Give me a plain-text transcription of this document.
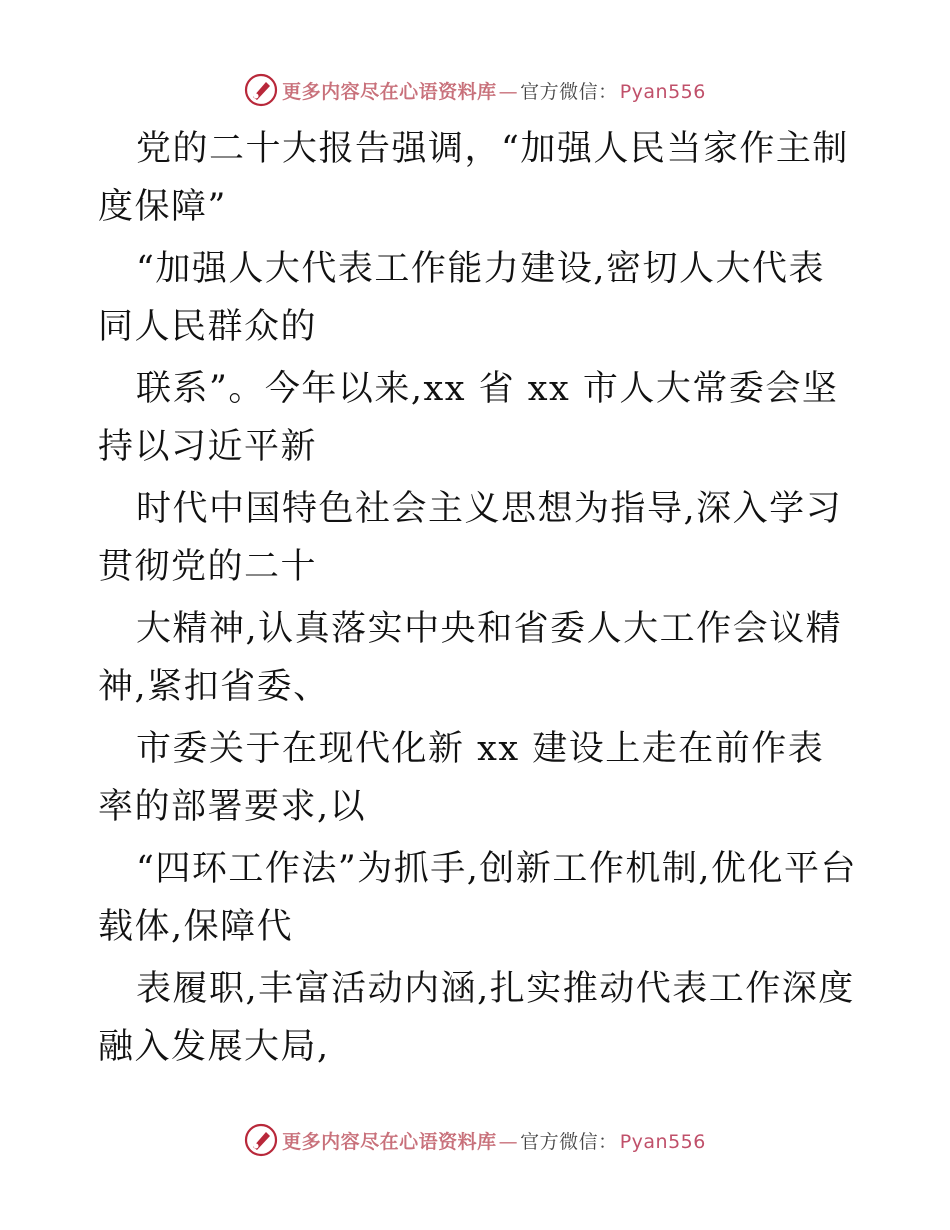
更多内容尽在心语资料库 — 官方微信： Pyan556

党的二十大报告强调，“加强人民当家作主制度保障”

“加强人大代表工作能力建设,密切人大代表同人民群众的

联系”。今年以来,xx 省 xx 市人大常委会坚持以习近平新

时代中国特色社会主义思想为指导,深入学习贯彻党的二十

大精神,认真落实中央和省委人大工作会议精神,紧扣省委、

市委关于在现代化新 xx 建设上走在前作表率的部署要求,以

“四环工作法”为抓手,创新工作机制,优化平台载体,保障代

表履职,丰富活动内涵,扎实推动代表工作深度融入发展大局,

更多内容尽在心语资料库 — 官方微信： Pyan556
